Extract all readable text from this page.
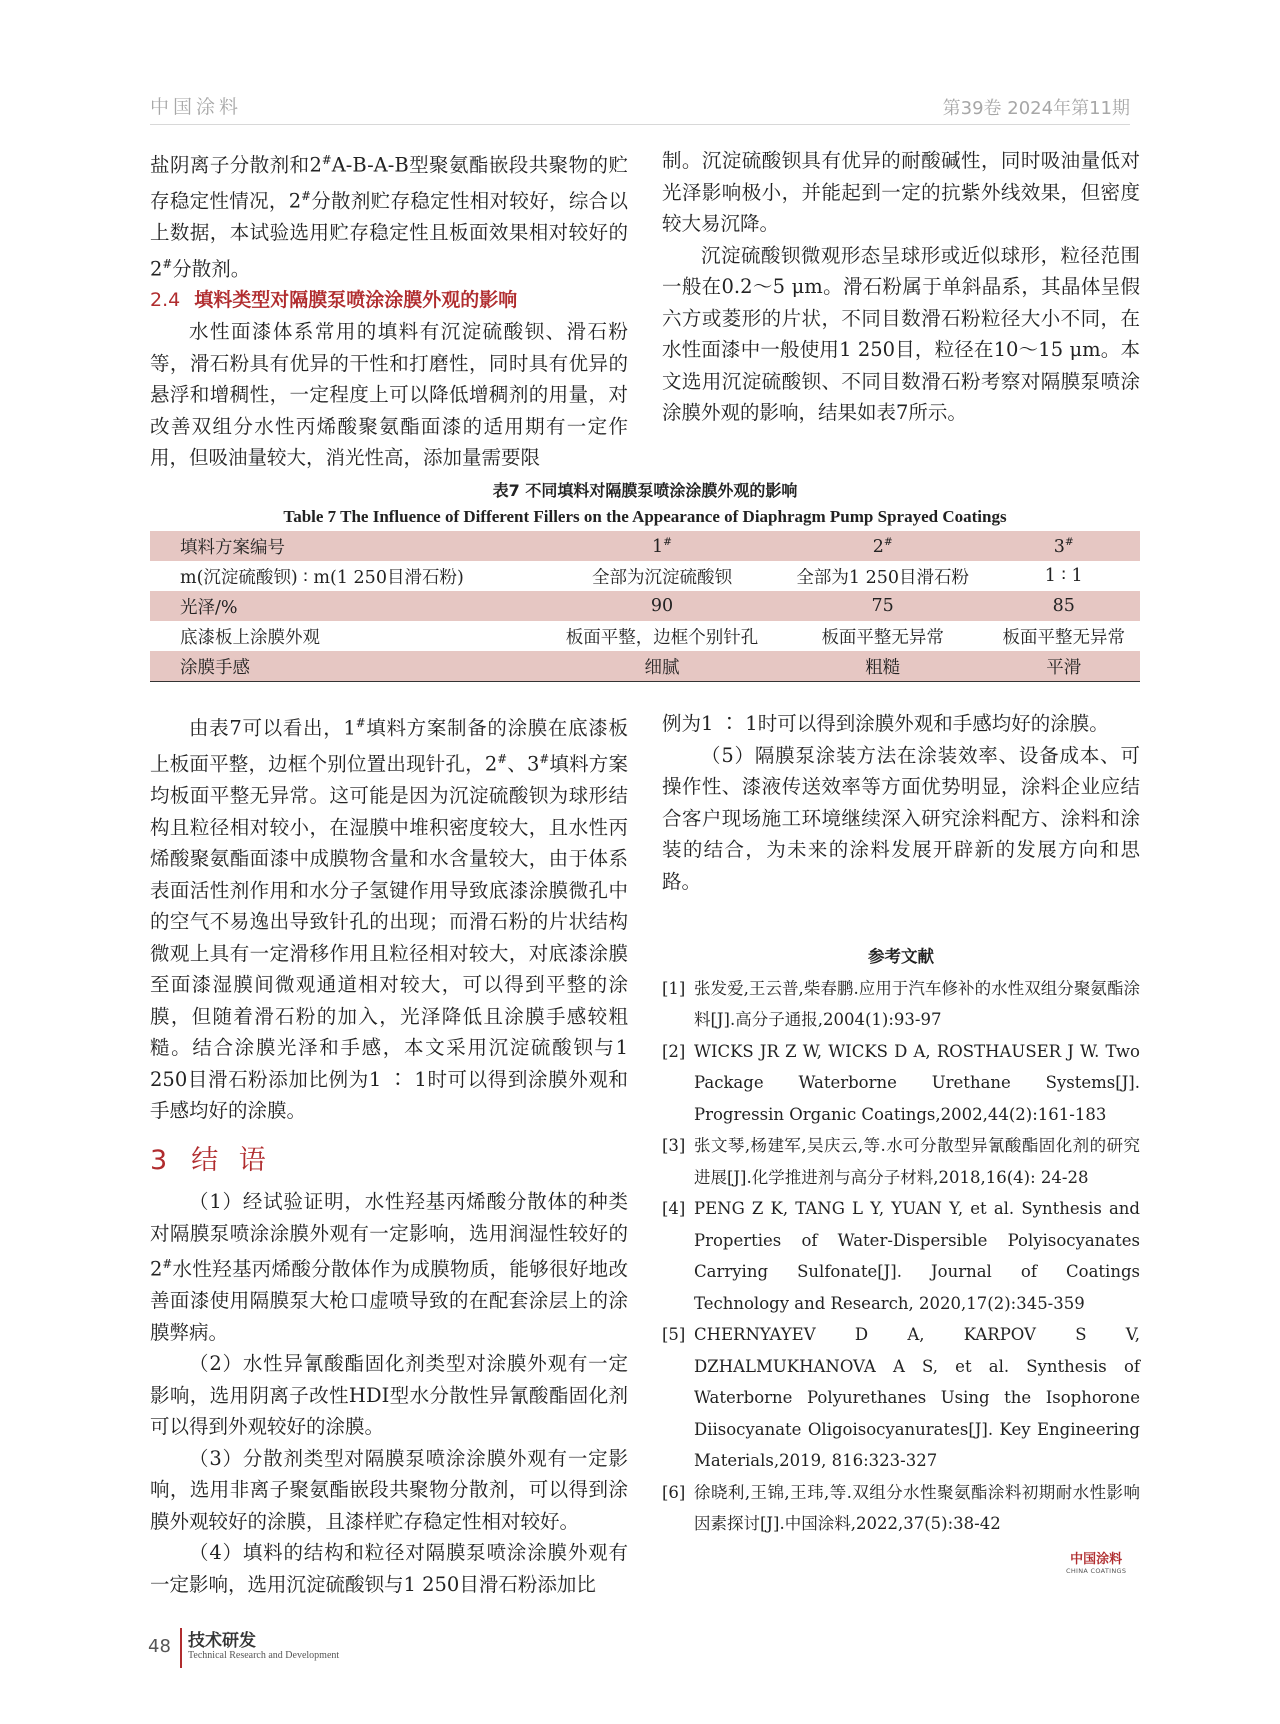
中国涂料	第39卷 2024年第11期

盐阴离子分散剂和2#A-B-A-B型聚氨酯嵌段共聚物的贮存稳定性情况，2#分散剂贮存稳定性相对较好，综合以上数据，本试验选用贮存稳定性且板面效果相对较好的2#分散剂。

2.4 填料类型对隔膜泵喷涂涂膜外观的影响

水性面漆体系常用的填料有沉淀硫酸钡、滑石粉等，滑石粉具有优异的干性和打磨性，同时具有优异的悬浮和增稠性，一定程度上可以降低增稠剂的用量，对改善双组分水性丙烯酸聚氨酯面漆的适用期有一定作用，但吸油量较大，消光性高，添加量需要限

制。沉淀硫酸钡具有优异的耐酸碱性，同时吸油量低对光泽影响极小，并能起到一定的抗紫外线效果，但密度较大易沉降。

沉淀硫酸钡微观形态呈球形或近似球形，粒径范围一般在0.2～5 μm。滑石粉属于单斜晶系，其晶体呈假六方或菱形的片状，不同目数滑石粉粒径大小不同，在水性面漆中一般使用1 250目，粒径在10～15 μm。本文选用沉淀硫酸钡、不同目数滑石粉考察对隔膜泵喷涂涂膜外观的影响，结果如表7所示。

表7 不同填料对隔膜泵喷涂涂膜外观的影响

Table 7 The Influence of Different Fillers on the Appearance of Diaphragm Pump Sprayed Coatings

填料方案编号	1#	2#	3#
m(沉淀硫酸钡) ∶ m(1 250目滑石粉)	全部为沉淀硫酸钡	全部为1 250目滑石粉	1 ∶ 1
光泽/%	90	75	85
底漆板上涂膜外观	板面平整，边框个别针孔	板面平整无异常	板面平整无异常
涂膜手感	细腻	粗糙	平滑

由表7可以看出，1#填料方案制备的涂膜在底漆板上板面平整，边框个别位置出现针孔，2#、3#填料方案均板面平整无异常。这可能是因为沉淀硫酸钡为球形结构且粒径相对较小，在湿膜中堆积密度较大，且水性丙烯酸聚氨酯面漆中成膜物含量和水含量较大，由于体系表面活性剂作用和水分子氢键作用导致底漆涂膜微孔中的空气不易逸出导致针孔的出现；而滑石粉的片状结构微观上具有一定滑移作用且粒径相对较大，对底漆涂膜至面漆湿膜间微观通道相对较大，可以得到平整的涂膜，但随着滑石粉的加入，光泽降低且涂膜手感较粗糙。结合涂膜光泽和手感，本文采用沉淀硫酸钡与1 250目滑石粉添加比例为1 ∶ 1时可以得到涂膜外观和手感均好的涂膜。

3 结 语

（1）经试验证明，水性羟基丙烯酸分散体的种类对隔膜泵喷涂涂膜外观有一定影响，选用润湿性较好的2#水性羟基丙烯酸分散体作为成膜物质，能够很好地改善面漆使用隔膜泵大枪口虚喷导致的在配套涂层上的涂膜弊病。

（2）水性异氰酸酯固化剂类型对涂膜外观有一定影响，选用阴离子改性HDI型水分散性异氰酸酯固化剂可以得到外观较好的涂膜。

（3）分散剂类型对隔膜泵喷涂涂膜外观有一定影响，选用非离子聚氨酯嵌段共聚物分散剂，可以得到涂膜外观较好的涂膜，且漆样贮存稳定性相对较好。

（4）填料的结构和粒径对隔膜泵喷涂涂膜外观有一定影响，选用沉淀硫酸钡与1 250目滑石粉添加比

例为1 ∶ 1时可以得到涂膜外观和手感均好的涂膜。

（5）隔膜泵涂装方法在涂装效率、设备成本、可操作性、漆液传送效率等方面优势明显，涂料企业应结合客户现场施工环境继续深入研究涂料配方、涂料和涂装的结合，为未来的涂料发展开辟新的发展方向和思路。

参考文献

[1] 张发爱,王云普,柴春鹏.应用于汽车修补的水性双组分聚氨酯涂料[J].高分子通报,2004(1):93-97
[2] WICKS JR Z W, WICKS D A, ROSTHAUSER J W. Two Package Waterborne Urethane Systems[J]. Progressin Organic Coatings,2002,44(2):161-183
[3] 张文琴,杨建军,吴庆云,等.水可分散型异氰酸酯固化剂的研究进展[J].化学推进剂与高分子材料,2018,16(4): 24-28
[4] PENG Z K, TANG L Y, YUAN Y, et al. Synthesis and Properties of Water-Dispersible Polyisocyanates Carrying Sulfonate[J]. Journal of Coatings Technology and Research, 2020,17(2):345-359
[5] CHERNYAYEV D A, KARPOV S V, DZHALMUKHANOVA A S, et al. Synthesis of Waterborne Polyurethanes Using the Isophorone Diisocyanate Oligoisocyanurates[J]. Key Engineering Materials,2019, 816:323-327
[6] 徐晓利,王锦,王玮,等.双组分水性聚氨酯涂料初期耐水性影响因素探讨[J].中国涂料,2022,37(5):38-42
中国涂料
CHINA COATINGS
48 技术研发
Technical Research and Development
